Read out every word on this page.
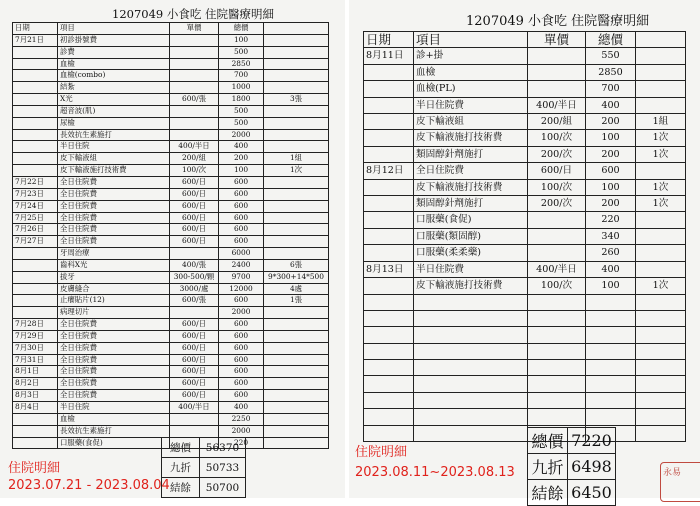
1207049 小食吃 住院醫療明細
日期	項目	單價	總價	
7月21日	初診掛號費		100	
	診費		500	
	血檢		2850	
	血檢(combo)		700	
	結紮		1000	
	X光	600/張	1800	3張
	超音波(肌)		500	
	尿檢		500	
	長效抗生素施打		2000	
	半日住院	400/半日	400	
	皮下輸液組	200/組	200	1組
	皮下輸液施打技術費	100/次	100	1次
7月22日	全日住院費	600/日	600	
7月23日	全日住院費	600/日	600	
7月24日	全日住院費	600/日	600	
7月25日	全日住院費	600/日	600	
7月26日	全日住院費	600/日	600	
7月27日	全日住院費	600/日	600	
	牙周治療		6000	
	齒科X光	400/張	2400	6張
	拔牙	300-500/顆	9700	9*300+14*500
	皮膚縫合	3000/處	12000	4處
	止癢貼片(12)	600/張	600	1張
	病理切片		2000	
7月28日	全日住院費	600/日	600	
7月29日	全日住院費	600/日	600	
7月30日	全日住院費	600/日	600	
7月31日	全日住院費	600/日	600	
8月1日	全日住院費	600/日	600	
8月2日	全日住院費	600/日	600	
8月3日	全日住院費	600/日	600	
8月4日	半日住院	400/半日	400	
	血檢		2250	
	長效抗生素施打		2000	
	口服藥(食促)		220	
總價	56370
九折	50733
結餘	50700
1207049 小食吃 住院醫療明細
日期	項目	單價	總價	
8月11日	診+掛		550	
	血檢		2850	
	血檢(PL)		700	
	半日住院費	400/半日	400	
	皮下輸液組	200/組	200	1組
	皮下輸液施打技術費	100/次	100	1次
	類固醇針劑施打	200/次	200	1次
8月12日	全日住院費	600/日	600	
	皮下輸液施打技術費	100/次	100	1次
	類固醇針劑施打	200/次	200	1次
	口服藥(食促)		220	
	口服藥(類固醇)		340	
	口服藥(柔柔藥)		260	
8月13日	半日住院費	400/半日	400	
	皮下輸液施打技術費	100/次	100	1次

總價	7220
九折	6498
結餘	6450
住院明細
2023.07.21 - 2023.08.04
住院明細
2023.08.11~2023.08.13	永易
